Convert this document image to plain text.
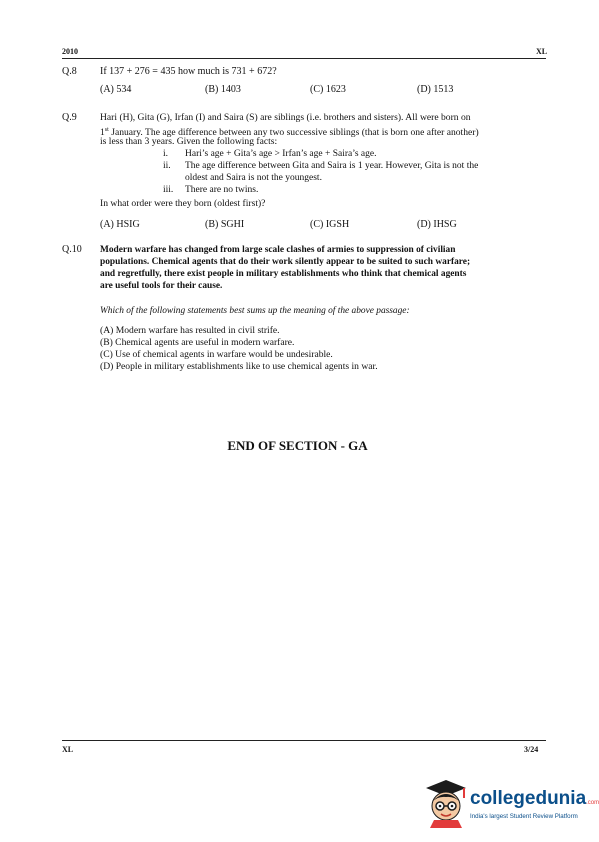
2010	XL
Q.8 If 137 + 276 = 435 how much is 731 + 672?
(A) 534	(B) 1403	(C) 1623	(D) 1513
Q.9 Hari (H), Gita (G), Irfan (I) and Saira (S) are siblings (i.e. brothers and sisters). All were born on
1st January. The age difference between any two successive siblings (that is born one after another)
is less than 3 years. Given the following facts:
i. Hari’s age + Gita’s age > Irfan’s age + Saira’s age.
ii. The age difference between Gita and Saira is 1 year. However, Gita is not the
oldest and Saira is not the youngest.
iii. There are no twins.
In what order were they born (oldest first)?
(A) HSIG	(B) SGHI	(C) IGSH	(D) IHSG
Q.10 Modern warfare has changed from large scale clashes of armies to suppression of civilian
populations. Chemical agents that do their work silently appear to be suited to such warfare;
and regretfully, there exist people in military establishments who think that chemical agents
are useful tools for their cause.
Which of the following statements best sums up the meaning of the above passage:
(A) Modern warfare has resulted in civil strife.
(B) Chemical agents are useful in modern warfare.
(C) Use of chemical agents in warfare would be undesirable.
(D) People in military establishments like to use chemical agents in war.
END OF SECTION - GA
XL	3/24
collegedunia.com
India's largest Student Review Platform
